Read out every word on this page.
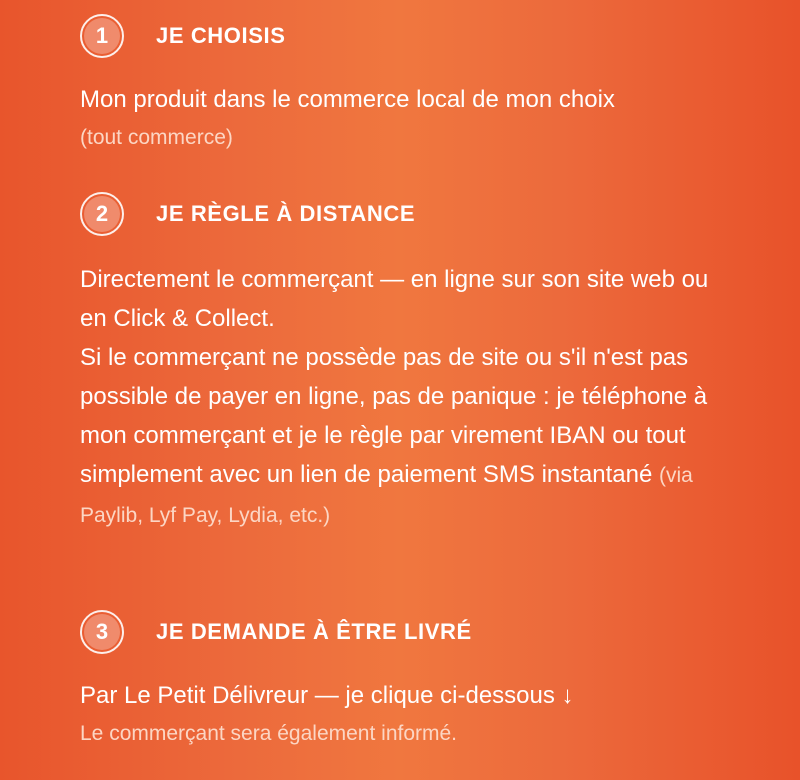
1	JE CHOISIS
Mon produit dans le commerce local de mon choix
(tout commerce)
2	JE RÈGLE À DISTANCE
Directement le commerçant — en ligne sur son site web ou en Click & Collect.
Si le commerçant ne possède pas de site ou s'il n'est pas possible de payer en ligne, pas de panique : je téléphone à mon commerçant et je le règle par virement IBAN ou tout simplement avec un lien de paiement SMS instantané (via Paylib, Lyf Pay, Lydia, etc.)
3	JE DEMANDE À ÊTRE LIVRÉ
Par Le Petit Délivreur — je clique ci-dessous ↓
Le commerçant sera également informé.
